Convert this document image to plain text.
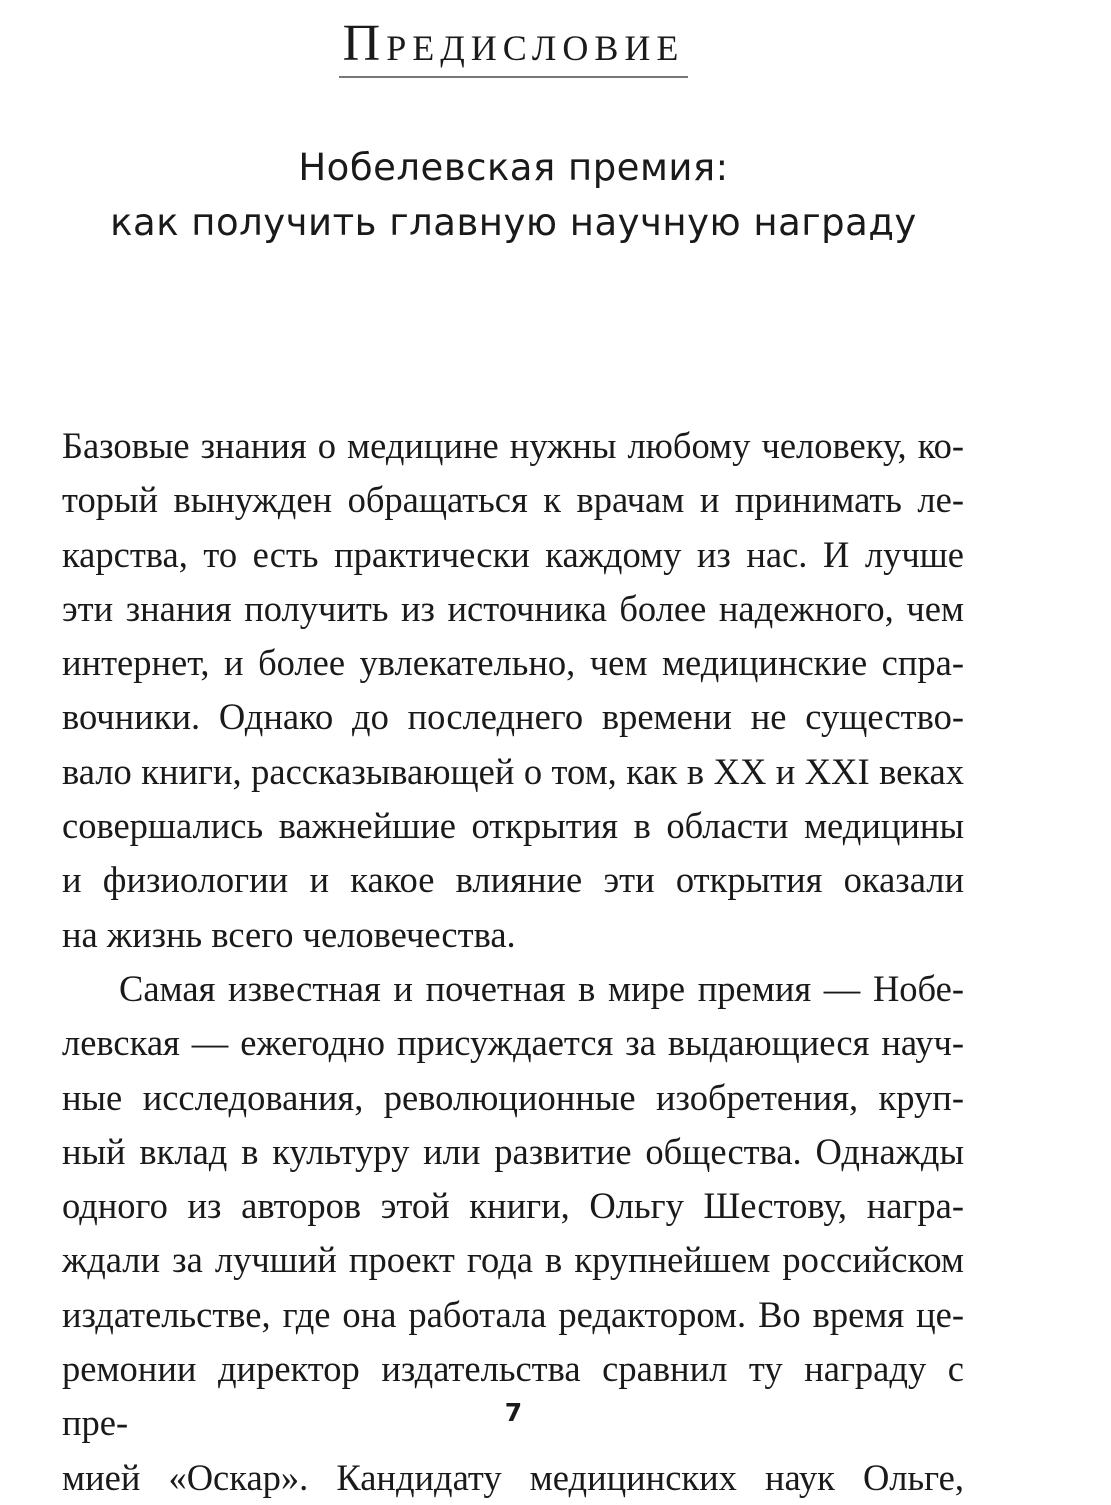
Предисловие
Нобелевская премия:
как получить главную научную награду

Базовые знания о медицине нужны любому человеку, ко-

торый вынужден обращаться к врачам и принимать ле-

карства, то есть практически каждому из нас. И лучше

эти знания получить из источника более надежного, чем

интернет, и более увлекательно, чем медицинские спра-

вочники. Однако до последнего времени не существо-

вало книги, рассказывающей о том, как в XX и XXI веках

совершались важнейшие открытия в области медицины

и физиологии и какое влияние эти открытия оказали

на жизнь всего человечества.

Самая известная и почетная в мире премия — Нобе-

левская — ежегодно присуждается за выдающиеся науч-

ные исследования, революционные изобретения, круп-

ный вклад в культуру или развитие общества. Однажды

одного из авторов этой книги, Ольгу Шестову, награ-

ждали за лучший проект года в крупнейшем российском

издательстве, где она работала редактором. Во время це-

ремонии директор издательства сравнил ту награду с пре-

мией «Оскар». Кандидату медицинских наук Ольге,

7
